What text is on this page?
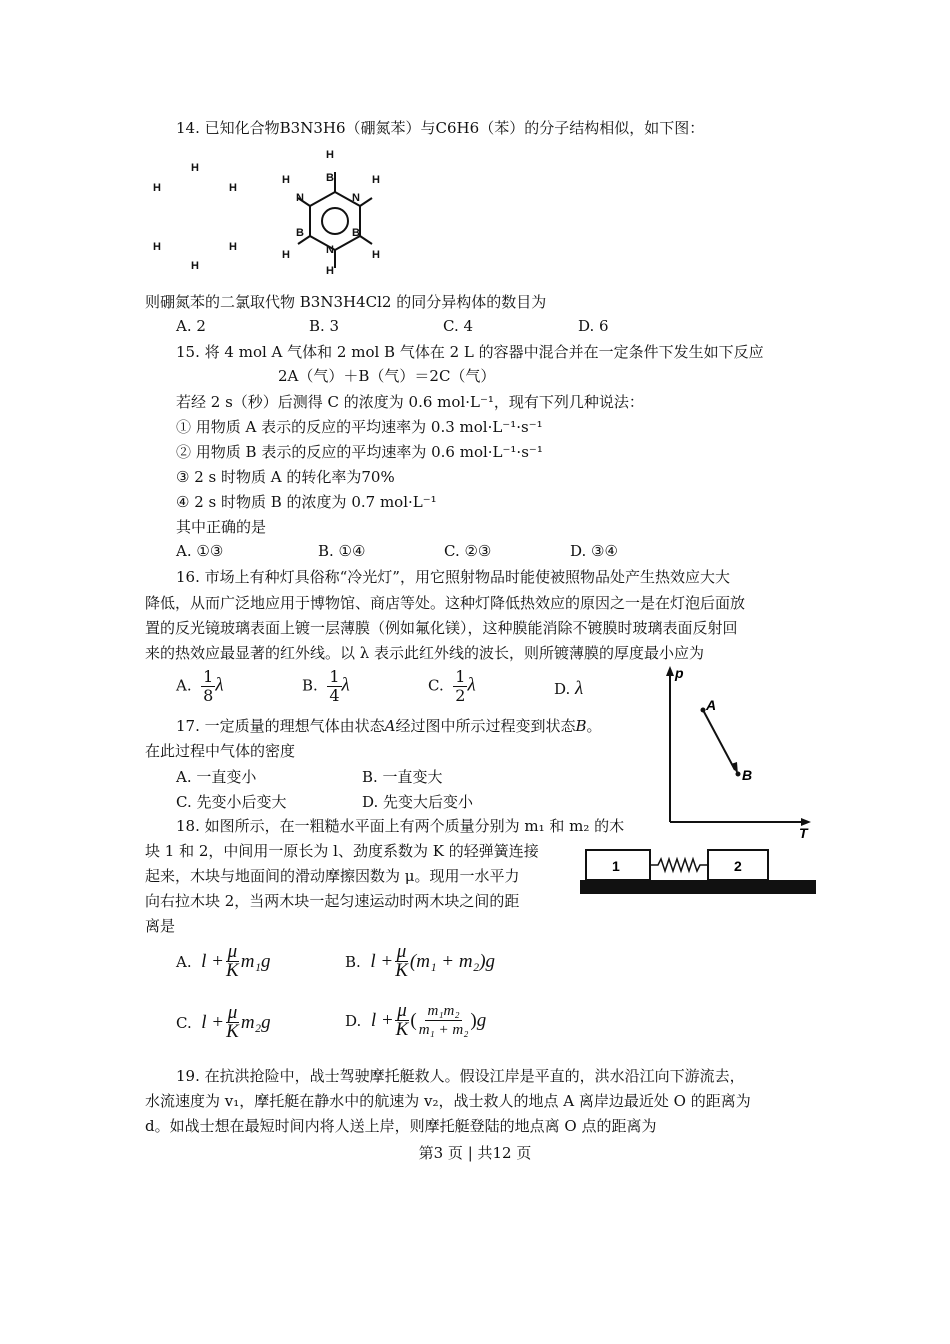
14. 已知化合物B3N3H6（硼氮苯）与C6H6（苯）的分子结构相似，如下图：
H
H	H
H	H
H
H
B
H	H
N	N
B	B
H	H
N
H
则硼氮苯的二氯取代物 B3N3H4Cl2 的同分异构体的数目为
A. 2	B. 3	C. 4	D. 6
15. 将 4 mol A 气体和 2 mol B 气体在 2 L 的容器中混合并在一定条件下发生如下反应
2A（气）＋B（气）＝2C（气）
若经 2 s（秒）后测得 C 的浓度为 0.6 mol·L⁻¹，现有下列几种说法：
① 用物质 A 表示的反应的平均速率为 0.3 mol·L⁻¹·s⁻¹
② 用物质 B 表示的反应的平均速率为 0.6 mol·L⁻¹·s⁻¹
③ 2 s 时物质 A 的转化率为70%
④ 2 s 时物质 B 的浓度为 0.7 mol·L⁻¹
其中正确的是
A. ①③	B. ①④	C. ②③	D. ③④
16. 市场上有种灯具俗称“冷光灯”，用它照射物品时能使被照物品处产生热效应大大
降低，从而广泛地应用于博物馆、商店等处。这种灯降低热效应的原因之一是在灯泡后面放
置的反光镜玻璃表面上镀一层薄膜（例如氟化镁），这种膜能消除不镀膜时玻璃表面反射回
来的热效应最显著的红外线。以 λ 表示此红外线的波长，则所镀薄膜的厚度最小应为
A. $\frac{1}{8}$ λ	B. $\frac{1}{4}$ λ	C. $\frac{1}{2}$ λ	D. λ
p
T
A
B
17. 一定质量的理想气体由状态A经过图中所示过程变到状态B。
在此过程中气体的密度
A. 一直变小	B. 一直变大
C. 先变小后变大	D. 先变大后变小
18. 如图所示，在一粗糙水平面上有两个质量分别为 m₁ 和 m₂ 的木
块 1 和 2，中间用一原长为 l、劲度系数为 K 的轻弹簧连接
起来，木块与地面间的滑动摩擦因数为 μ。现用一水平力
向右拉木块 2，当两木块一起匀速运动时两木块之间的距
离是
1	2
A.
$l + \frac{\mu}{K} m_1g$	B.
$l + \frac{\mu}{K} (m_1 + m_2)g$
C.
$l + \frac{\mu}{K} m_2g$	D.
$l + \frac{\mu}{K}$ ( $\frac{\text{m₁m₂}}{\text{m₁ + m₂}}$ ) g
19. 在抗洪抢险中，战士驾驶摩托艇救人。假设江岸是平直的，洪水沿江向下游流去，
水流速度为 v₁，摩托艇在静水中的航速为 v₂，战士救人的地点 A 离岸边最近处 O 的距离为
d。如战士想在最短时间内将人送上岸，则摩托艇登陆的地点离 O 点的距离为
第3 页 | 共12 页
